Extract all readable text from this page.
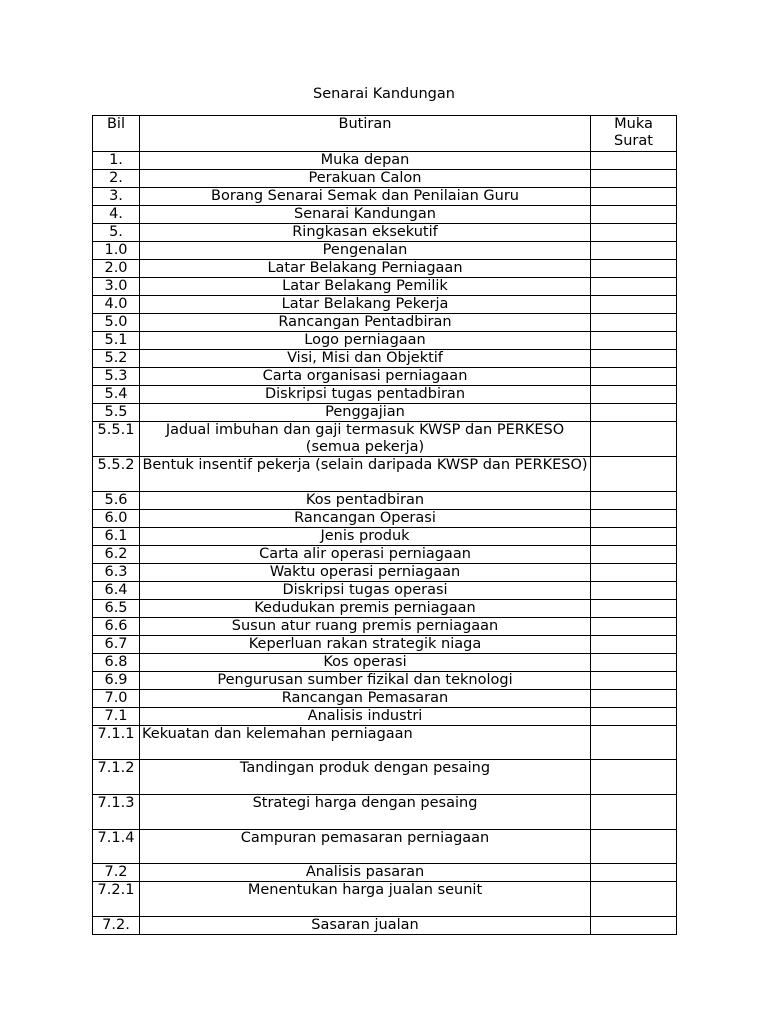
Senarai Kandungan
Bil	Butiran	Muka Surat
1.	Muka depan	
2.	Perakuan Calon	
3.	Borang Senarai Semak dan Penilaian Guru	
4.	Senarai Kandungan	
5.	Ringkasan eksekutif	
1.0	Pengenalan	
2.0	Latar Belakang Perniagaan	
3.0	Latar Belakang Pemilik	
4.0	Latar Belakang Pekerja	
5.0	Rancangan Pentadbiran	
5.1	Logo perniagaan	
5.2	Visi, Misi dan Objektif	
5.3	Carta organisasi perniagaan	
5.4	Diskripsi tugas pentadbiran	
5.5	Penggajian	
5.5.1	Jadual imbuhan dan gaji termasuk KWSP dan PERKESO (semua pekerja)	
5.5.2	Bentuk insentif pekerja (selain daripada KWSP dan PERKESO)	
5.6	Kos pentadbiran	
6.0	Rancangan Operasi	
6.1	Jenis produk	
6.2	Carta alir operasi perniagaan	
6.3	Waktu operasi perniagaan	
6.4	Diskripsi tugas operasi	
6.5	Kedudukan premis perniagaan	
6.6	Susun atur ruang premis perniagaan	
6.7	Keperluan rakan strategik niaga	
6.8	Kos operasi	
6.9	Pengurusan sumber fizikal dan teknologi	
7.0	Rancangan Pemasaran	
7.1	Analisis industri	
7.1.1	Kekuatan dan kelemahan perniagaan	
7.1.2	Tandingan produk dengan pesaing	
7.1.3	Strategi harga dengan pesaing	
7.1.4	Campuran pemasaran perniagaan	
7.2	Analisis pasaran	
7.2.1	Menentukan harga jualan seunit	
7.2.	Sasaran jualan	
